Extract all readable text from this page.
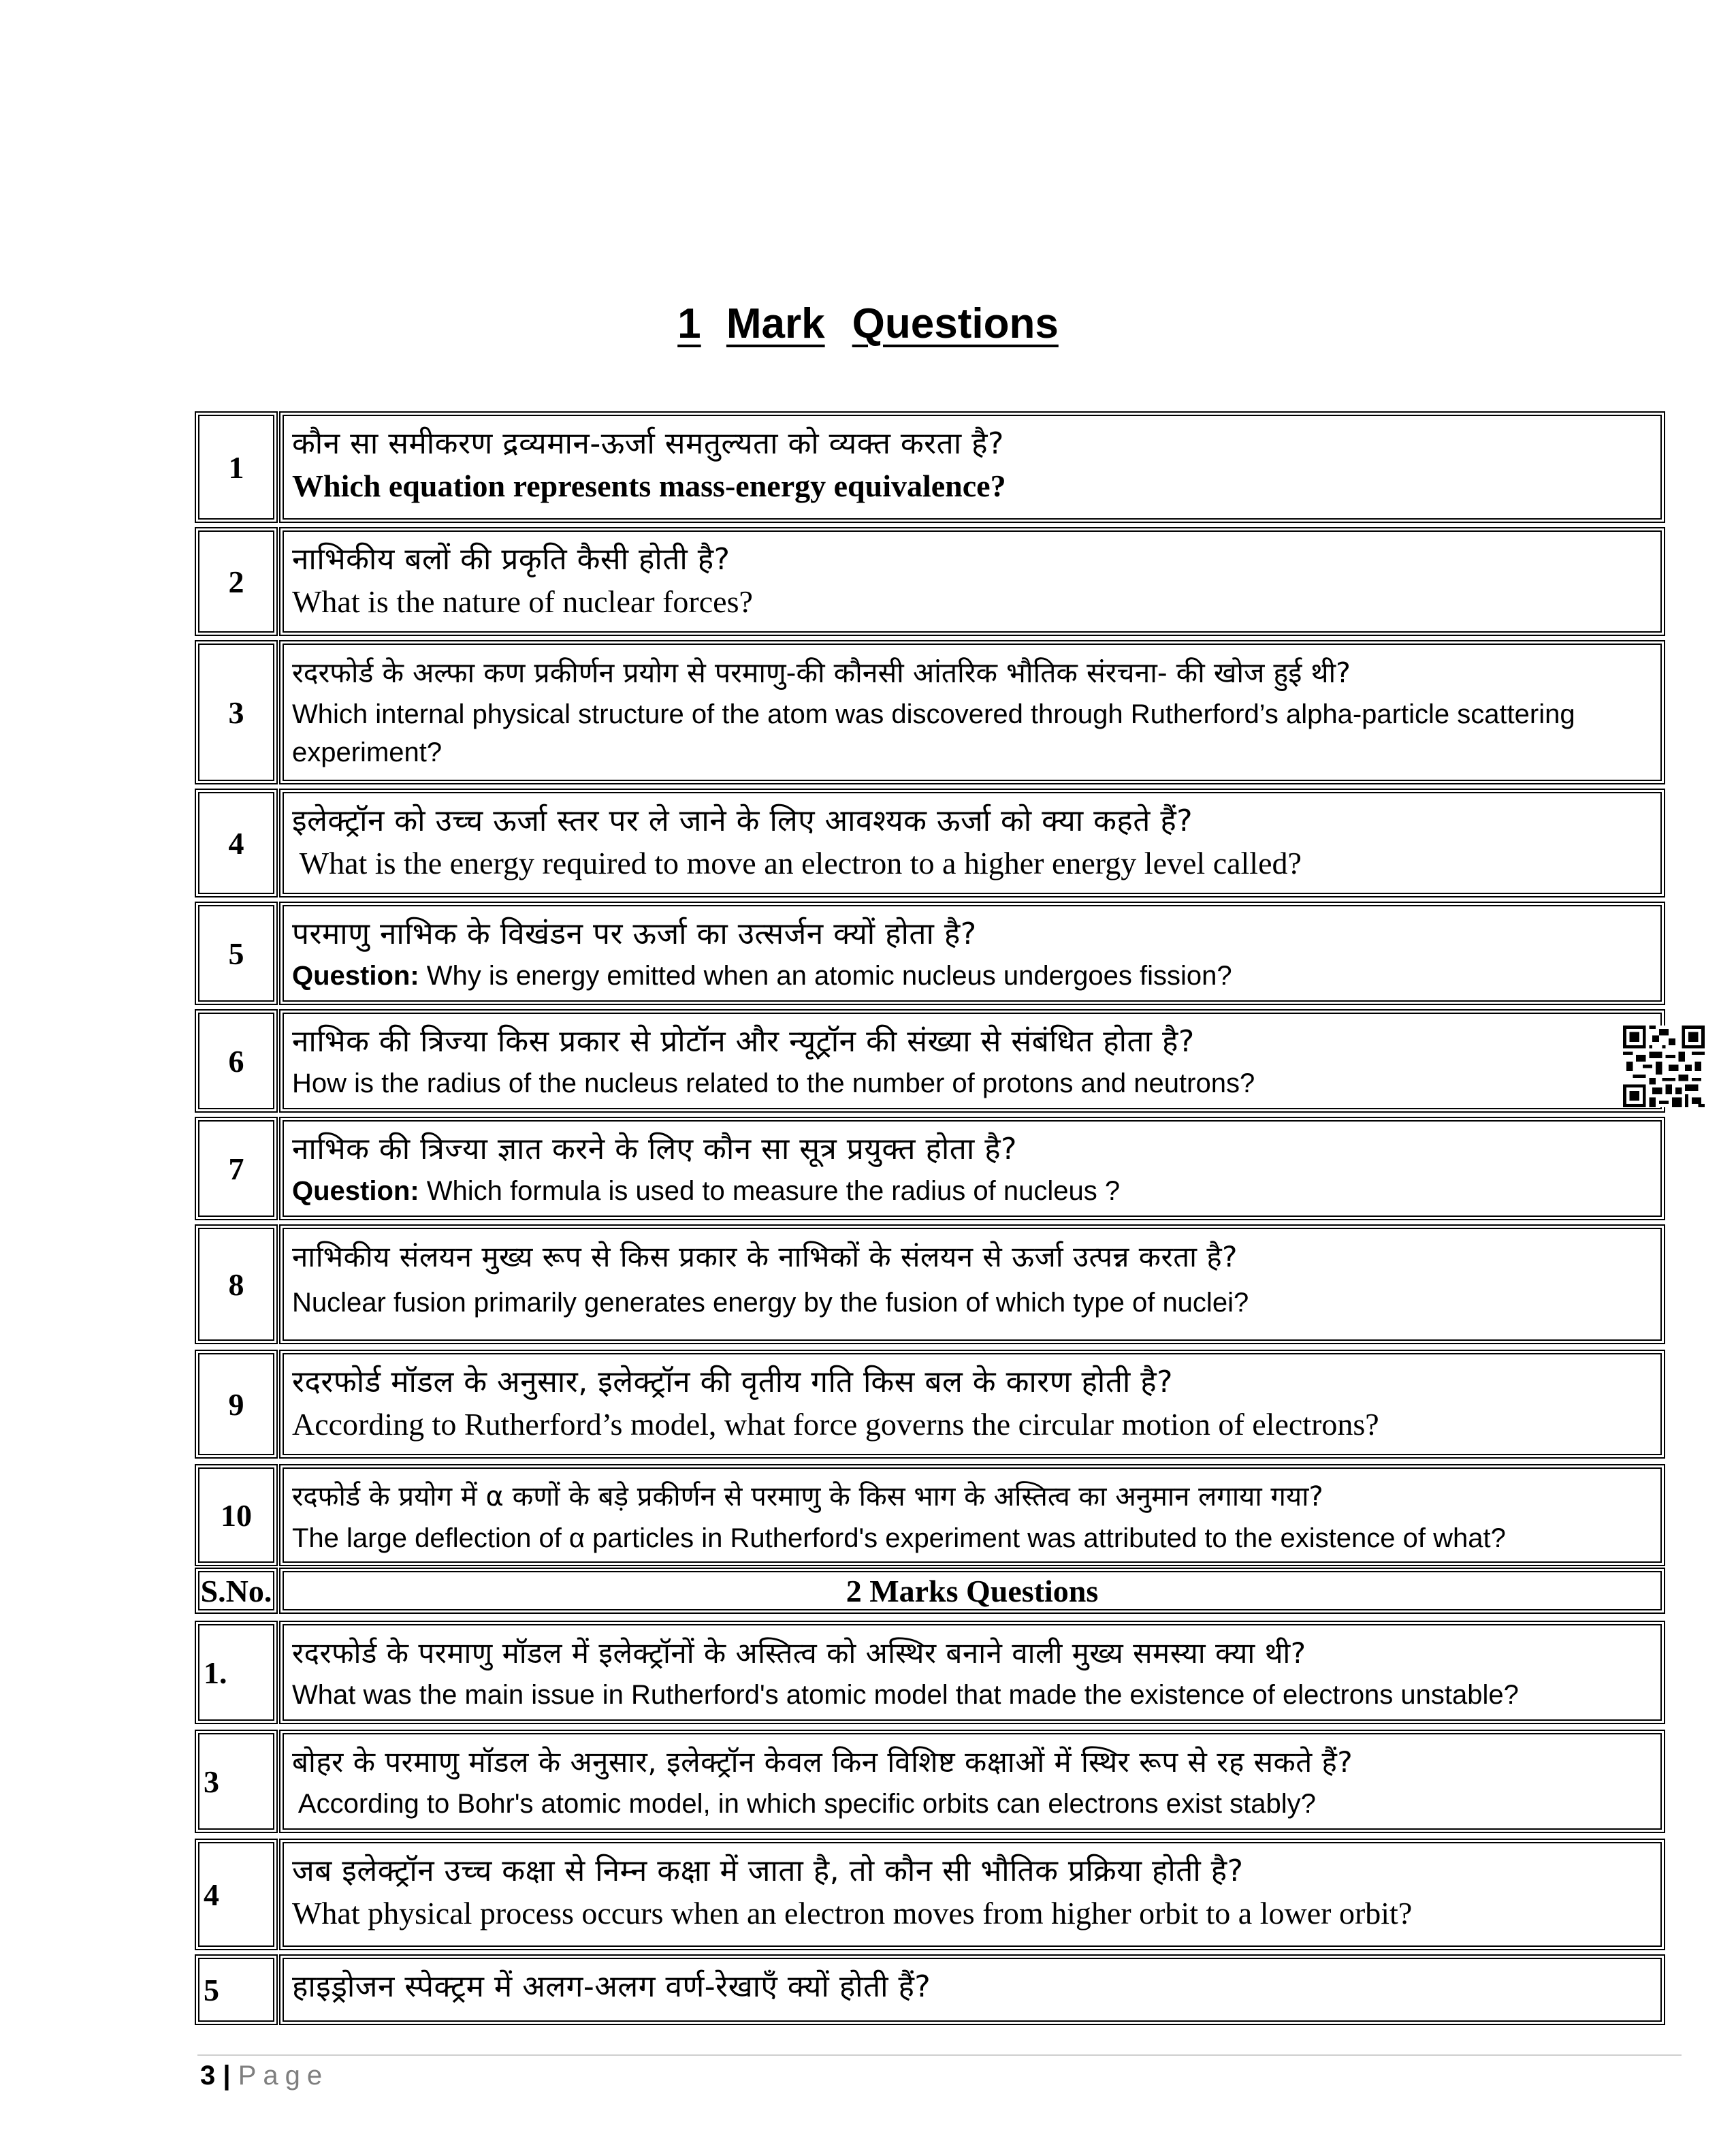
1 Mark Questions
1
कौन सा समीकरण द्रव्यमान-ऊर्जा समतुल्यता को व्यक्त करता है?
Which equation represents mass-energy equivalence?
2
नाभिकीय बलों की प्रकृति कैसी होती है?
What is the nature of nuclear forces?
3
रदरफोर्ड के अल्फा कण प्रकीर्णन प्रयोग से परमाणु-की कौनसी आंतरिक भौतिक संरचना- की खोज हुई थी?
Which internal physical structure of the atom was discovered through Rutherford’s alpha-particle scattering experiment?
4
इलेक्ट्रॉन को उच्च ऊर्जा स्तर पर ले जाने के लिए आवश्यक ऊर्जा को क्या कहते हैं?
What is the energy required to move an electron to a higher energy level called?
5
परमाणु नाभिक के विखंडन पर ऊर्जा का उत्सर्जन क्यों होता है?
Question: Why is energy emitted when an atomic nucleus undergoes fission?
6
नाभिक की त्रिज्या किस प्रकार से प्रोटॉन और न्यूट्रॉन की संख्या से संबंधित होता है?
How is the radius of the nucleus related to the number of protons and neutrons?
7
नाभिक की त्रिज्या ज्ञात करने के लिए कौन सा सूत्र प्रयुक्त होता है?
Question: Which formula is used to measure the radius of nucleus ?
8
नाभिकीय संलयन मुख्य रूप से किस प्रकार के नाभिकों के संलयन से ऊर्जा उत्पन्न करता है?
Nuclear fusion primarily generates energy by the fusion of which type of nuclei?
9
रदरफोर्ड मॉडल के अनुसार, इलेक्ट्रॉन की वृतीय गति किस बल के कारण होती है?
According to Rutherford’s model, what force governs the circular motion of electrons?
10
रदफोर्ड के प्रयोग में α कणों के बड़े प्रकीर्णन से परमाणु के किस भाग के अस्तित्व का अनुमान लगाया गया?
The large deflection of α particles in Rutherford's experiment was attributed to the existence of what?
S.No.	2 Marks Questions
1.
रदरफोर्ड के परमाणु मॉडल में इलेक्ट्रॉनों के अस्तित्व को अस्थिर बनाने वाली मुख्य समस्या क्या थी?
What was the main issue in Rutherford's atomic model that made the existence of electrons unstable?
3
बोहर के परमाणु मॉडल के अनुसार, इलेक्ट्रॉन केवल किन विशिष्ट कक्षाओं में स्थिर रूप से रह सकते हैं?
According to Bohr's atomic model, in which specific orbits can electrons exist stably?
4
जब इलेक्ट्रॉन उच्च कक्षा से निम्न कक्षा में जाता है, तो कौन सी भौतिक प्रक्रिया होती है?
What physical process occurs when an electron moves from higher orbit to a lower orbit?
5	हाइड्रोजन स्पेक्ट्रम में अलग-अलग वर्ण-रेखाएँ क्यों होती हैं?
3 | Page
